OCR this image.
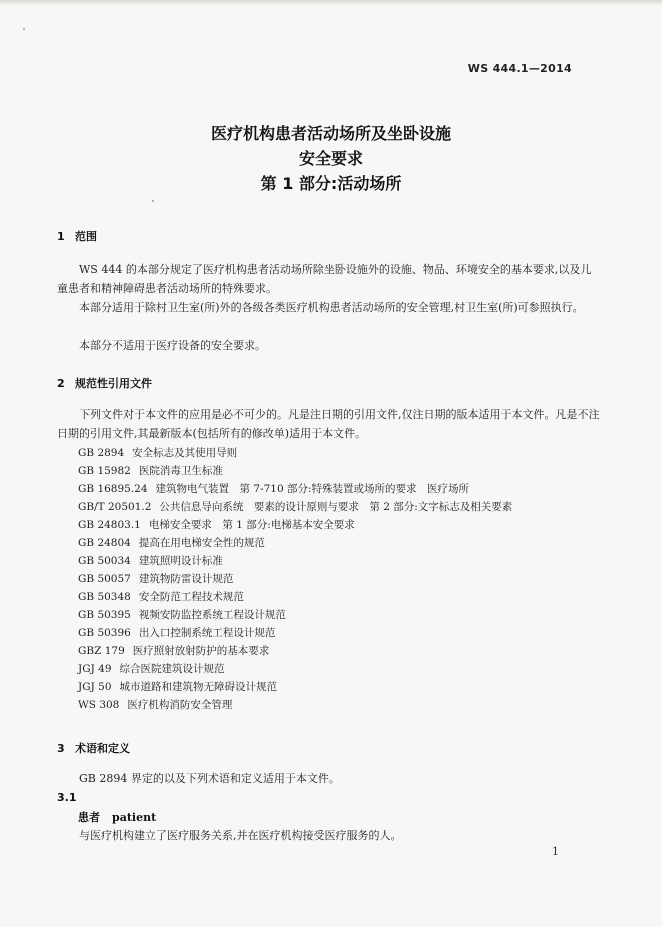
WS 444.1—2014
医疗机构患者活动场所及坐卧设施
安全要求
第 1 部分:活动场所
1 范围
WS 444 的本部分规定了医疗机构患者活动场所除坐卧设施外的设施、物品、环境安全的基本要求,以及儿童患者和精神障碍患者活动场所的特殊要求。
本部分适用于除村卫生室(所)外的各级各类医疗机构患者活动场所的安全管理,村卫生室(所)可参照执行。
本部分不适用于医疗设备的安全要求。
2 规范性引用文件
下列文件对于本文件的应用是必不可少的。凡是注日期的引用文件,仅注日期的版本适用于本文件。凡是不注日期的引用文件,其最新版本(包括所有的修改单)适用于本文件。
GB 2894 安全标志及其使用导则
GB 15982 医院消毒卫生标准
GB 16895.24 建筑物电气装置　第 7-710 部分:特殊装置或场所的要求　医疗场所
GB/T 20501.2 公共信息导向系统　要素的设计原则与要求　第 2 部分:文字标志及相关要素
GB 24803.1 电梯安全要求　第 1 部分:电梯基本安全要求
GB 24804 提高在用电梯安全性的规范
GB 50034 建筑照明设计标准
GB 50057 建筑物防雷设计规范
GB 50348 安全防范工程技术规范
GB 50395 视频安防监控系统工程设计规范
GB 50396 出入口控制系统工程设计规范
GBZ 179 医疗照射放射防护的基本要求
JGJ 49 综合医院建筑设计规范
JGJ 50 城市道路和建筑物无障碍设计规范
WS 308 医疗机构消防安全管理
3 术语和定义
GB 2894 界定的以及下列术语和定义适用于本文件。
3.1
患者 patient
与医疗机构建立了医疗服务关系,并在医疗机构接受医疗服务的人。
1
